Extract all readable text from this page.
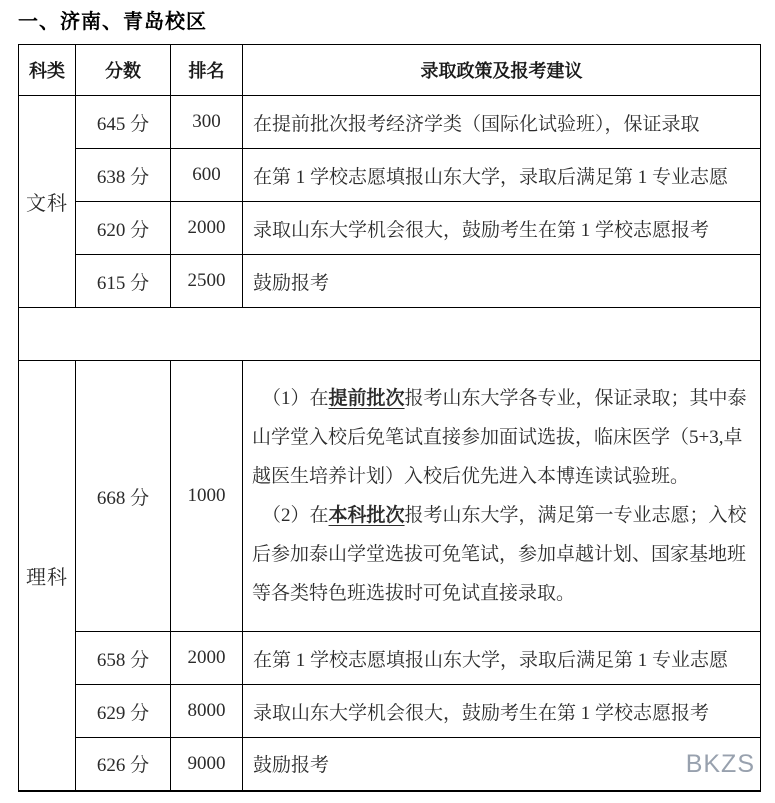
一、济南、青岛校区
科类	分数	排名	录取政策及报考建议
文科	645 分	300	在提前批次报考经济学类（国际化试验班），保证录取
	638 分	600	在第 1 学校志愿填报山东大学，录取后满足第 1 专业志愿
	620 分	2000	录取山东大学机会很大，鼓励考生在第 1 学校志愿报考
	615 分	2500	鼓励报考

理科	668 分	1000	（1）在提前批次报考山东大学各专业，保证录取；其中泰山学堂入校后免笔试直接参加面试选拔，临床医学（5+3,卓越医生培养计划）入校后优先进入本博连读试验班。

（2）在本科批次报考山东大学，满足第一专业志愿；入校后参加泰山学堂选拔可免笔试，参加卓越计划、国家基地班等各类特色班选拔时可免试直接录取。

	658 分	2000	在第 1 学校志愿填报山东大学，录取后满足第 1 专业志愿
	629 分	8000	录取山东大学机会很大，鼓励考生在第 1 学校志愿报考
	626 分	9000	鼓励报考	BKZS
